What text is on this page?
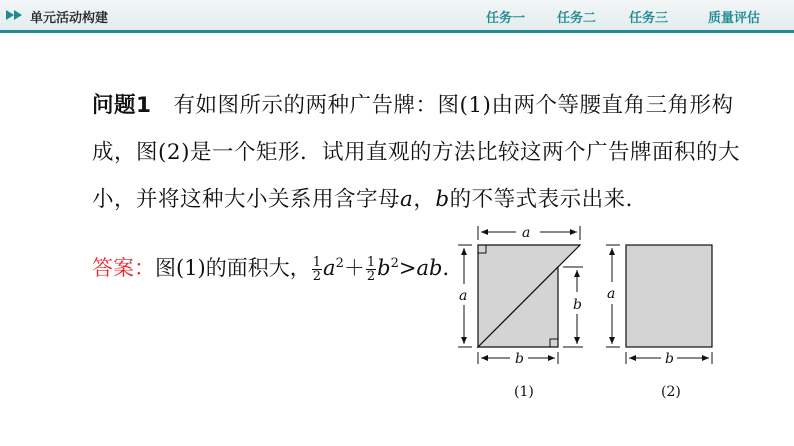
单元活动构建	任务一 任务二	任务三	质量评估
问题1 有如图所示的两种广告牌：图(1)由两个等腰直角三角形构成，图(2)是一个矩形．试用直观的方法比较这两个广告牌面积的大小，并将这种大小关系用含字母a，b的不等式表示出来．
答案：图(1)的面积大， $\frac{1}{2} a^2+ \frac{1}{2} b^2>ab$．
a
a
b
b
(1)
a
b
(2)
